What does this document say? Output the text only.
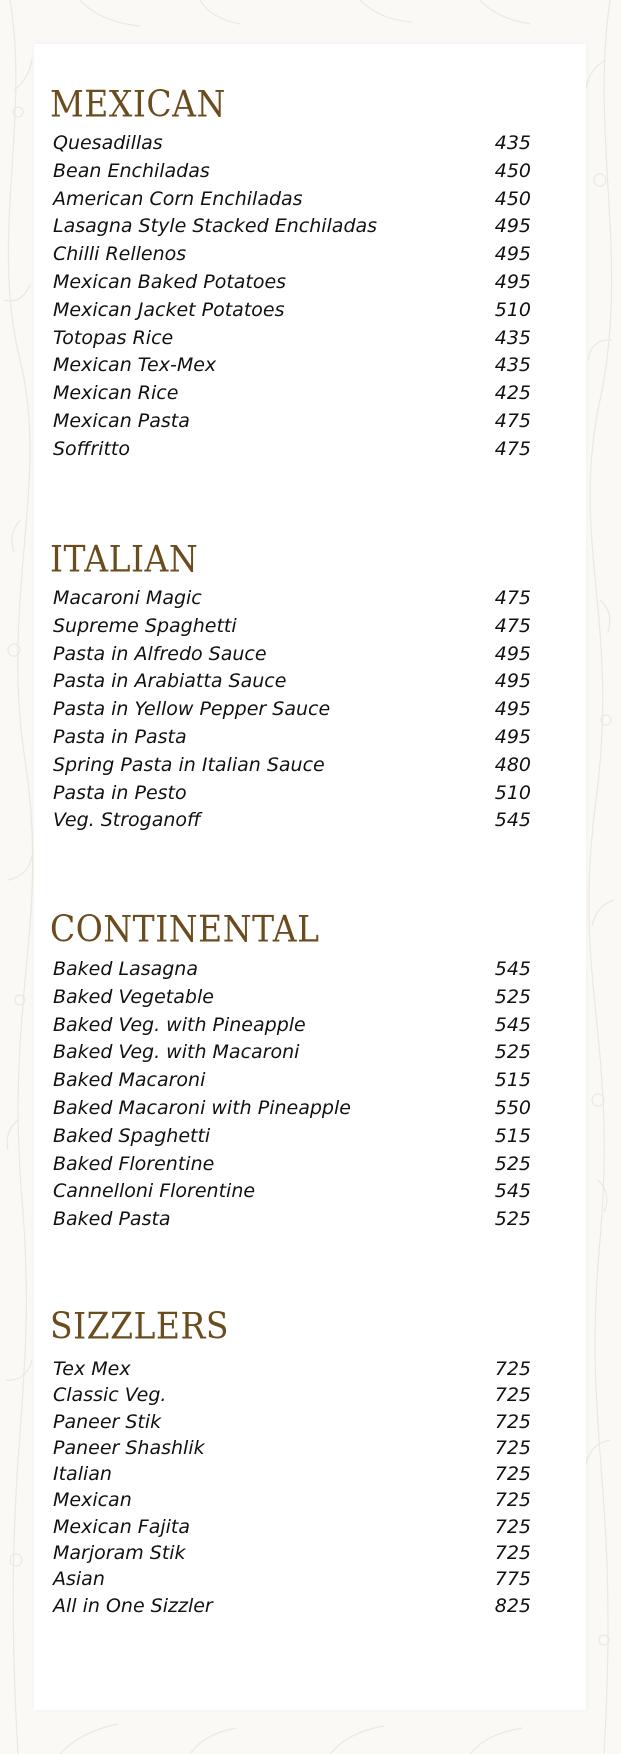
MEXICAN
Quesadillas	435
Bean Enchiladas	450
American Corn Enchiladas	450
Lasagna Style Stacked Enchiladas	495
Chilli Rellenos	495
Mexican Baked Potatoes	495
Mexican Jacket Potatoes	510
Totopas Rice	435
Mexican Tex-Mex	435
Mexican Rice	425
Mexican Pasta	475
Soffritto	475
ITALIAN
Macaroni Magic	475
Supreme Spaghetti	475
Pasta in Alfredo Sauce	495
Pasta in Arabiatta Sauce	495
Pasta in Yellow Pepper Sauce	495
Pasta in Pasta	495
Spring Pasta in Italian Sauce	480
Pasta in Pesto	510
Veg. Stroganoff	545
CONTINENTAL
Baked Lasagna	545
Baked Vegetable	525
Baked Veg. with Pineapple	545
Baked Veg. with Macaroni	525
Baked Macaroni	515
Baked Macaroni with Pineapple	550
Baked Spaghetti	515
Baked Florentine	525
Cannelloni Florentine	545
Baked Pasta	525
SIZZLERS
Tex Mex	725
Classic Veg.	725
Paneer Stik	725
Paneer Shashlik	725
Italian	725
Mexican	725
Mexican Fajita	725
Marjoram Stik	725
Asian	775
All in One Sizzler	825
